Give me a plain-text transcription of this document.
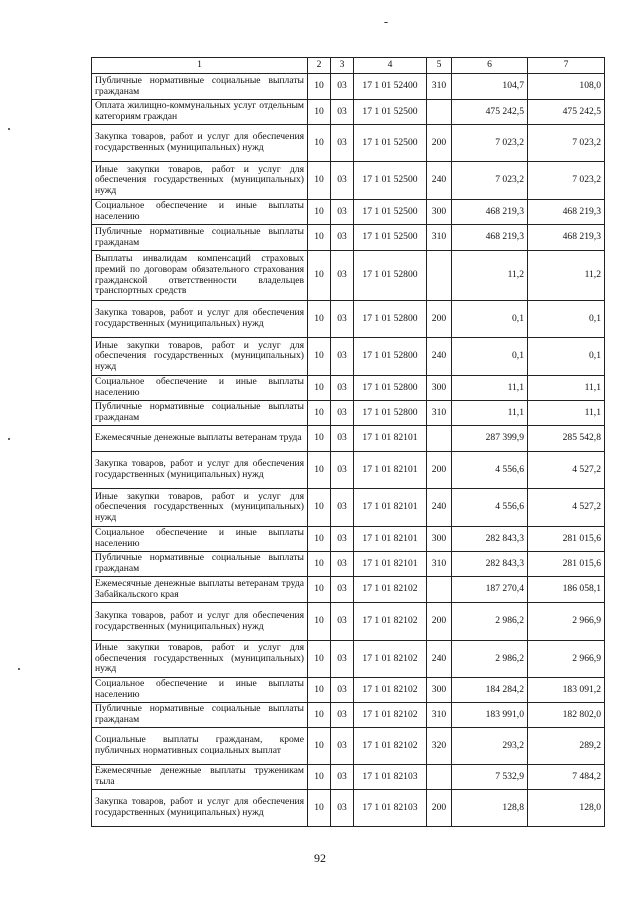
1	2	3	4	5	6	7
Публичные нормативные социальные выплаты гражданам	10	03	17 1 01 52400	310	104,7	108,0
Оплата жилищно-коммунальных услуг отдельным категориям граждан	10	03	17 1 01 52500		475 242,5	475 242,5
Закупка товаров, работ и услуг для обеспечения государственных (муниципальных) нужд	10	03	17 1 01 52500	200	7 023,2	7 023,2
Иные закупки товаров, работ и услуг для обеспечения государственных (муниципальных) нужд	10	03	17 1 01 52500	240	7 023,2	7 023,2
Социальное обеспечение и иные выплаты населению	10	03	17 1 01 52500	300	468 219,3	468 219,3
Публичные нормативные социальные выплаты гражданам	10	03	17 1 01 52500	310	468 219,3	468 219,3
Выплаты инвалидам компенсаций страховых премий по договорам обязательного страхования гражданской ответственности владельцев транспортных средств	10	03	17 1 01 52800		11,2	11,2
Закупка товаров, работ и услуг для обеспечения государственных (муниципальных) нужд	10	03	17 1 01 52800	200	0,1	0,1
Иные закупки товаров, работ и услуг для обеспечения государственных (муниципальных) нужд	10	03	17 1 01 52800	240	0,1	0,1
Социальное обеспечение и иные выплаты населению	10	03	17 1 01 52800	300	11,1	11,1
Публичные нормативные социальные выплаты гражданам	10	03	17 1 01 52800	310	11,1	11,1
Ежемесячные денежные выплаты ветеранам труда	10	03	17 1 01 82101		287 399,9	285 542,8
Закупка товаров, работ и услуг для обеспечения государственных (муниципальных) нужд	10	03	17 1 01 82101	200	4 556,6	4 527,2
Иные закупки товаров, работ и услуг для обеспечения государственных (муниципальных) нужд	10	03	17 1 01 82101	240	4 556,6	4 527,2
Социальное обеспечение и иные выплаты населению	10	03	17 1 01 82101	300	282 843,3	281 015,6
Публичные нормативные социальные выплаты гражданам	10	03	17 1 01 82101	310	282 843,3	281 015,6
Ежемесячные денежные выплаты ветеранам труда Забайкальского края	10	03	17 1 01 82102		187 270,4	186 058,1
Закупка товаров, работ и услуг для обеспечения государственных (муниципальных) нужд	10	03	17 1 01 82102	200	2 986,2	2 966,9
Иные закупки товаров, работ и услуг для обеспечения государственных (муниципальных) нужд	10	03	17 1 01 82102	240	2 986,2	2 966,9
Социальное обеспечение и иные выплаты населению	10	03	17 1 01 82102	300	184 284,2	183 091,2
Публичные нормативные социальные выплаты гражданам	10	03	17 1 01 82102	310	183 991,0	182 802,0
Социальные выплаты гражданам, кроме публичных нормативных социальных выплат	10	03	17 1 01 82102	320	293,2	289,2
Ежемесячные денежные выплаты труженикам тыла	10	03	17 1 01 82103		7 532,9	7 484,2
Закупка товаров, работ и услуг для обеспечения государственных (муниципальных) нужд	10	03	17 1 01 82103	200	128,8	128,0
92
